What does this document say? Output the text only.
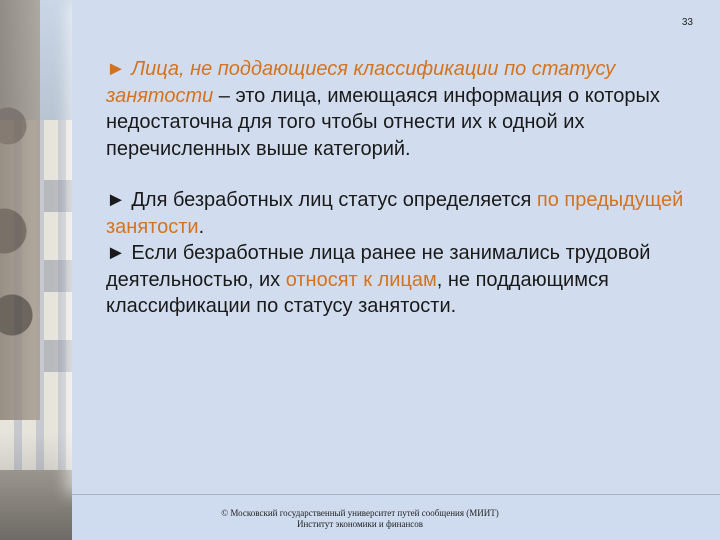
33

► Лица, не поддающиеся классификации по статусу занятости – это лица, имеющаяся информация о которых недостаточна для того чтобы отнести их к одной их перечисленных выше категорий.

► Для безработных лиц статус определяется по предыдущей занятости.

► Если безработные лица ранее не занимались трудовой деятельностью, их относят к лицам, не поддающимся классификации по статусу занятости.

© Московский государственный университет путей сообщения (МИИТ)
Институт экономики и финансов
